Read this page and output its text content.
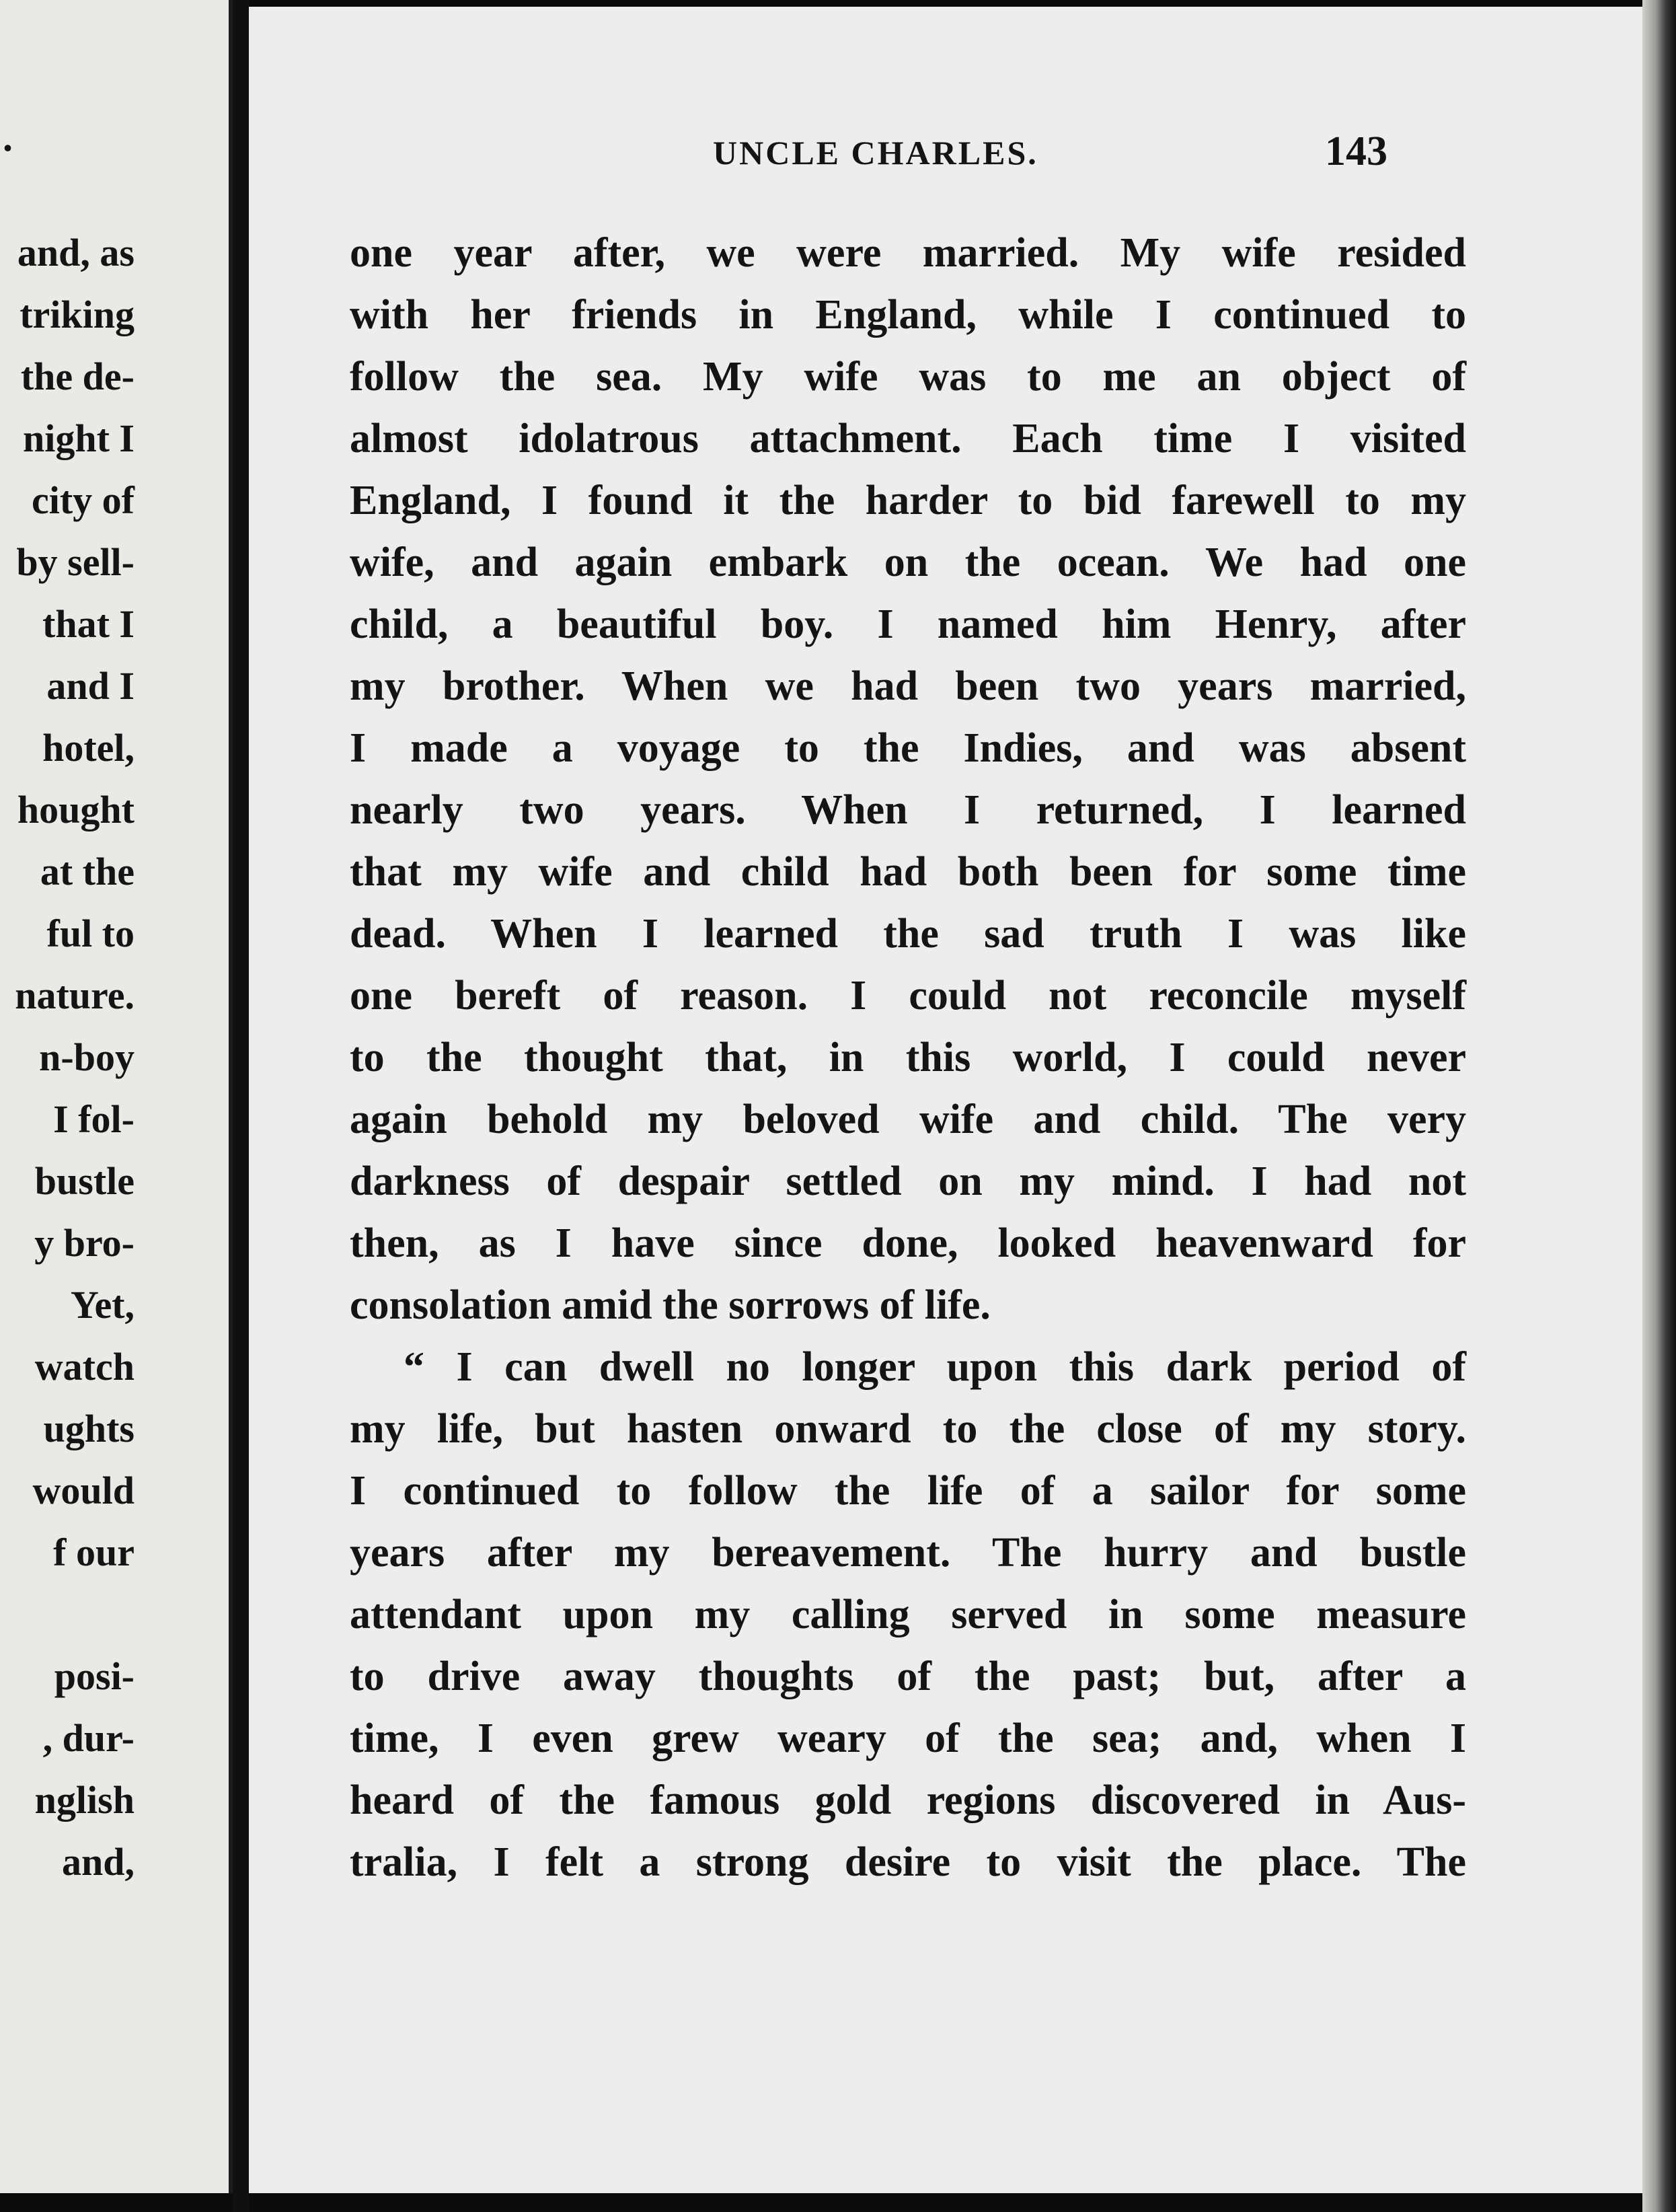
.
and, as
triking
the de-
night I
city of
by sell-
that I
and I
hotel,
hought
at the
ful to
nature.
n-boy
I fol-
bustle
y bro-
Yet,
watch
ughts
would
f our
posi-
, dur-
nglish
and,
UNCLE CHARLES.	143
one year after, we were married. My wife resided
with her friends in England, while I continued to
follow the sea. My wife was to me an object of
almost idolatrous attachment. Each time I visited
England, I found it the harder to bid farewell to my
wife, and again embark on the ocean. We had one
child, a beautiful boy. I named him Henry, after
my brother. When we had been two years married,
I made a voyage to the Indies, and was absent
nearly two years. When I returned, I learned
that my wife and child had both been for some time
dead. When I learned the sad truth I was like
one bereft of reason. I could not reconcile myself
to the thought that, in this world, I could never
again behold my beloved wife and child. The very
darkness of despair settled on my mind. I had not
then, as I have since done, looked heavenward for
consolation amid the sorrows of life.
“ I can dwell no longer upon this dark period of
my life, but hasten onward to the close of my story.
I continued to follow the life of a sailor for some
years after my bereavement. The hurry and bustle
attendant upon my calling served in some measure
to drive away thoughts of the past; but, after a
time, I even grew weary of the sea; and, when I
heard of the famous gold regions discovered in Aus-
tralia, I felt a strong desire to visit the place. The
